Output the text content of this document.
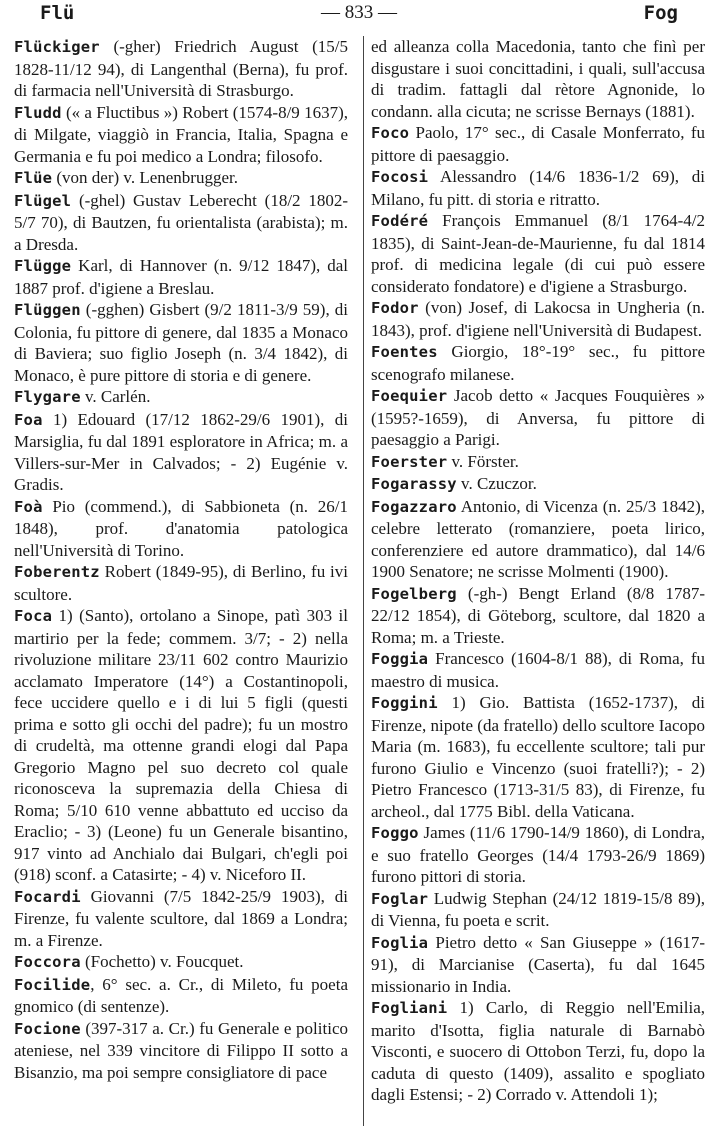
Flü	— 833 —	Fog

Flückiger (-gher) Friedrich August (15/5 1828-11/12 94), di Langenthal (Berna), fu prof. di farmacia nell'Università di Strasburgo.

Fludd (« a Fluctibus ») Robert (1574-8/9 1637), di Milgate, viaggiò in Francia, Italia, Spagna e Germania e fu poi medico a Londra; filosofo.

Flüe (von der) v. Lenenbrugger.

Flügel (-ghel) Gustav Leberecht (18/2 1802-5/7 70), di Bautzen, fu orientalista (arabista); m. a Dresda.

Flügge Karl, di Hannover (n. 9/12 1847), dal 1887 prof. d'igiene a Breslau.

Flüggen (-gghen) Gisbert (9/2 1811-3/9 59), di Colonia, fu pittore di genere, dal 1835 a Monaco di Baviera; suo figlio Joseph (n. 3/4 1842), di Monaco, è pure pittore di storia e di genere.

Flygare v. Carlén.

Foa 1) Edouard (17/12 1862-29/6 1901), di Marsiglia, fu dal 1891 esploratore in Africa; m. a Villers-sur-Mer in Calvados; - 2) Eugénie v. Gradis.

Foà Pio (commend.), di Sabbioneta (n. 26/1 1848), prof. d'anatomia patologica nell'Università di Torino.

Foberentz Robert (1849-95), di Berlino, fu ivi scultore.

Foca 1) (Santo), ortolano a Sinope, patì 303 il martirio per la fede; commem. 3/7; - 2) nella rivoluzione militare 23/11 602 contro Maurizio acclamato Imperatore (14°) a Costantinopoli, fece uccidere quello e i di lui 5 figli (questi prima e sotto gli occhi del padre); fu un mostro di crudeltà, ma ottenne grandi elogi dal Papa Gregorio Magno pel suo decreto col quale riconosceva la supremazia della Chiesa di Roma; 5/10 610 venne abbattuto ed ucciso da Eraclio; - 3) (Leone) fu un Generale bisantino, 917 vinto ad Anchialo dai Bulgari, ch'egli poi (918) sconf. a Catasirte; - 4) v. Niceforo II.

Focardi Giovanni (7/5 1842-25/9 1903), di Firenze, fu valente scultore, dal 1869 a Londra; m. a Firenze.

Foccora (Fochetto) v. Foucquet.

Focilide, 6° sec. a. Cr., di Mileto, fu poeta gnomico (di sentenze).

Focione (397-317 a. Cr.) fu Generale e politico ateniese, nel 339 vincitore di Filippo II sotto a Bisanzio, ma poi sempre consigliatore di pace

ed alleanza colla Macedonia, tanto che finì per disgustare i suoi concittadini, i quali, sull'accusa di tradim. fattagli dal rètore Agnonide, lo condann. alla cicuta; ne scrisse Bernays (1881).

Foco Paolo, 17° sec., di Casale Monferrato, fu pittore di paesaggio.

Focosi Alessandro (14/6 1836-1/2 69), di Milano, fu pitt. di storia e ritratto.

Fodéré François Emmanuel (8/1 1764-4/2 1835), di Saint-Jean-de-Maurienne, fu dal 1814 prof. di medicina legale (di cui può essere considerato fondatore) e d'igiene a Strasburgo.

Fodor (von) Josef, di Lakocsa in Ungheria (n. 1843), prof. d'igiene nell'Università di Budapest.

Foentes Giorgio, 18°-19° sec., fu pittore scenografo milanese.

Foequier Jacob detto « Jacques Fouquières » (1595?-1659), di Anversa, fu pittore di paesaggio a Parigi.

Foerster v. Förster.

Fogarassy v. Czuczor.

Fogazzaro Antonio, di Vicenza (n. 25/3 1842), celebre letterato (romanziere, poeta lirico, conferenziere ed autore drammatico), dal 14/6 1900 Senatore; ne scrisse Molmenti (1900).

Fogelberg (-gh-) Bengt Erland (8/8 1787-22/12 1854), di Göteborg, scultore, dal 1820 a Roma; m. a Trieste.

Foggia Francesco (1604-8/1 88), di Roma, fu maestro di musica.

Foggini 1) Gio. Battista (1652-1737), di Firenze, nipote (da fratello) dello scultore Iacopo Maria (m. 1683), fu eccellente scultore; tali pur furono Giulio e Vincenzo (suoi fratelli?); - 2) Pietro Francesco (1713-31/5 83), di Firenze, fu archeol., dal 1775 Bibl. della Vaticana.

Foggo James (11/6 1790-14/9 1860), di Londra, e suo fratello Georges (14/4 1793-26/9 1869) furono pittori di storia.

Foglar Ludwig Stephan (24/12 1819-15/8 89), di Vienna, fu poeta e scrit.

Foglia Pietro detto « San Giuseppe » (1617-91), di Marcianise (Caserta), fu dal 1645 missionario in India.

Fogliani 1) Carlo, di Reggio nell'Emilia, marito d'Isotta, figlia naturale di Barnabò Visconti, e suocero di Ottobon Terzi, fu, dopo la caduta di questo (1409), assalito e spogliato dagli Estensi; - 2) Corrado v. Attendoli 1);
